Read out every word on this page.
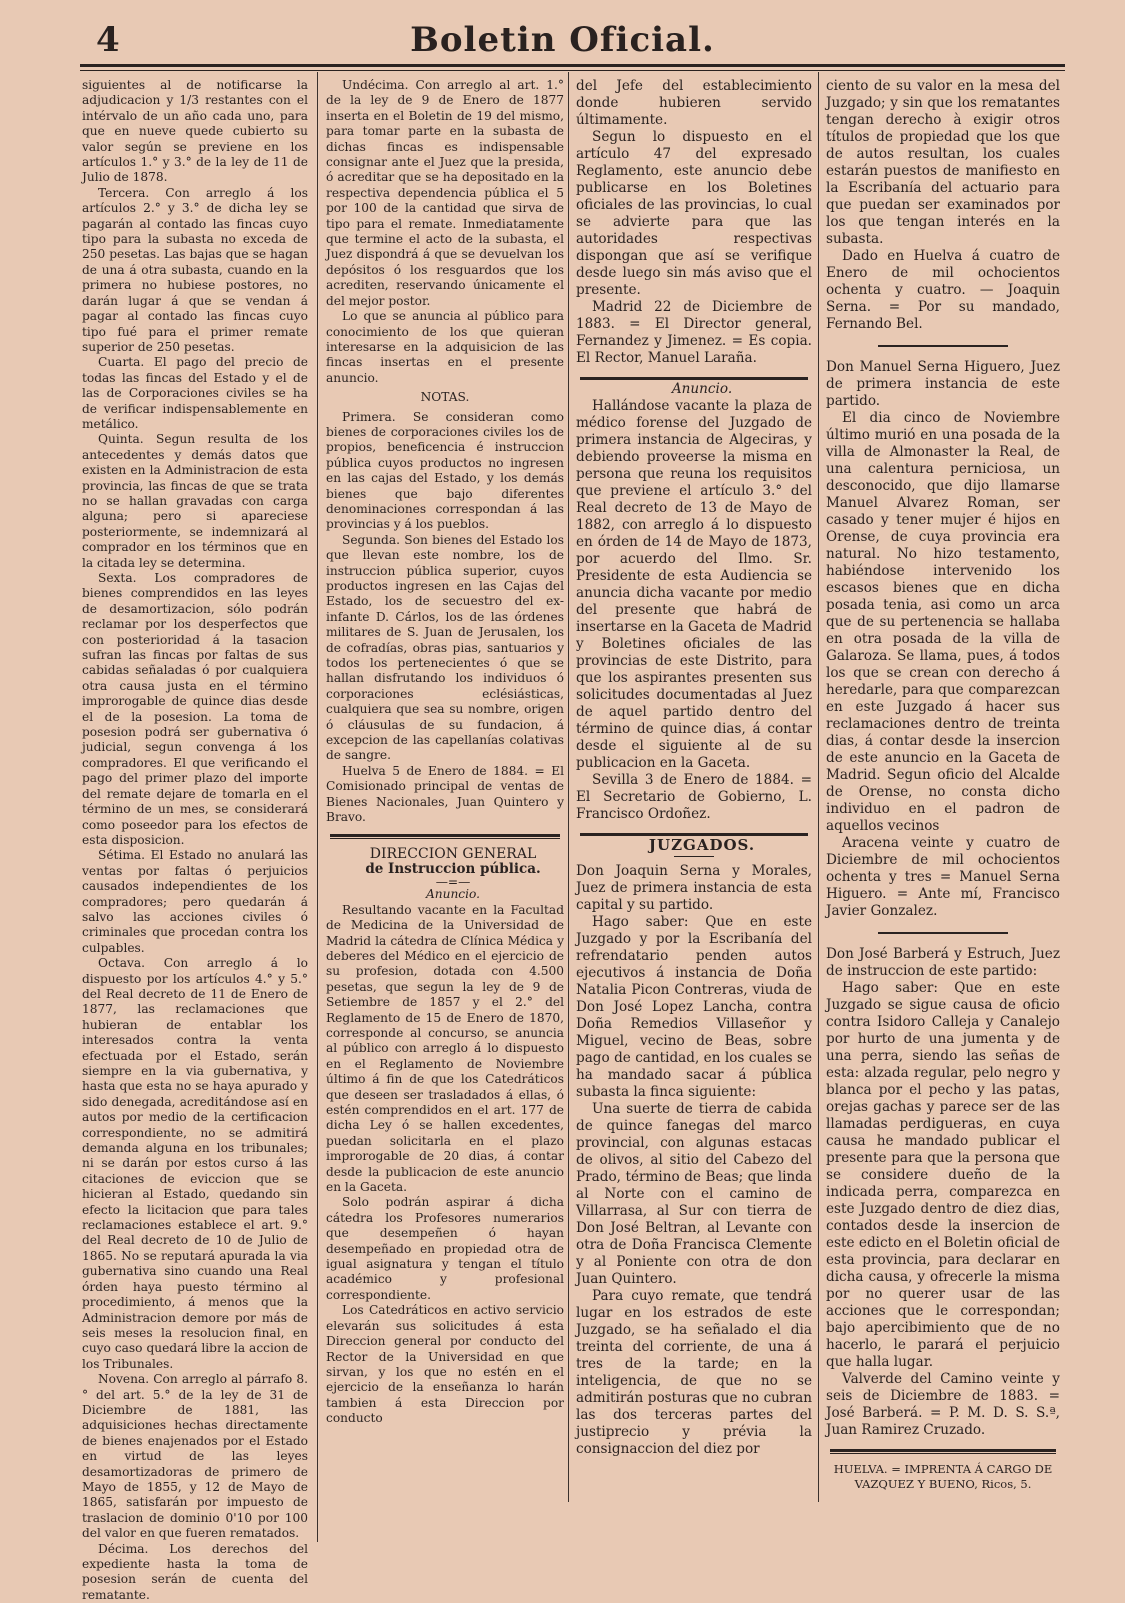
4	Boletin Oficial.

siguientes al de notificarse la adjudicacion y 1/3 restantes con el intérvalo de un año cada uno, para que en nueve quede cubierto su valor según se previene en los artículos 1.° y 3.° de la ley de 11 de Julio de 1878.

Tercera. Con arreglo á los artículos 2.° y 3.° de dicha ley se pagarán al contado las fincas cuyo tipo para la subasta no exceda de 250 pesetas. Las bajas que se hagan de una á otra subasta, cuando en la primera no hubiese postores, no darán lugar á que se vendan á pagar al contado las fincas cuyo tipo fué para el primer remate superior de 250 pesetas.

Cuarta. El pago del precio de todas las fincas del Estado y el de las de Corporaciones civiles se ha de verificar indispensablemente en metálico.

Quinta. Segun resulta de los antecedentes y demás datos que existen en la Administracion de esta provincia, las fincas de que se trata no se hallan gravadas con carga alguna; pero si apareciese posteriormente, se indemnizará al comprador en los términos que en la citada ley se determina.

Sexta. Los compradores de bienes comprendidos en las leyes de desamortizacion, sólo podrán reclamar por los desperfectos que con posterioridad á la tasacion sufran las fincas por faltas de sus cabidas señaladas ó por cualquiera otra causa justa en el término improrogable de quince dias desde el de la posesion. La toma de posesion podrá ser gubernativa ó judicial, segun convenga á los compradores. El que verificando el pago del primer plazo del importe del remate dejare de tomarla en el término de un mes, se considerará como poseedor para los efectos de esta disposicion.

Sétima. El Estado no anulará las ventas por faltas ó perjuicios causados independientes de los compradores; pero quedarán á salvo las acciones civiles ó criminales que procedan contra los culpables.

Octava. Con arreglo á lo dispuesto por los artículos 4.° y 5.° del Real decreto de 11 de Enero de 1877, las reclamaciones que hubieran de entablar los interesados contra la venta efectuada por el Estado, serán siempre en la via gubernativa, y hasta que esta no se haya apurado y sido denegada, acreditándose así en autos por medio de la certificacion correspondiente, no se admitirá demanda alguna en los tribunales; ni se darán por estos curso á las citaciones de eviccion que se hicieran al Estado, quedando sin efecto la licitacion que para tales reclamaciones establece el art. 9.° del Real decreto de 10 de Julio de 1865. No se reputará apurada la via gubernativa sino cuando una Real órden haya puesto término al procedimiento, á menos que la Administracion demore por más de seis meses la resolucion final, en cuyo caso quedará libre la accion de los Tribunales.

Novena. Con arreglo al párrafo 8.° del art. 5.° de la ley de 31 de Diciembre de 1881, las adquisiciones hechas directamente de bienes enajenados por el Estado en virtud de las leyes desamortizadoras de primero de Mayo de 1855, y 12 de Mayo de 1865, satisfarán por impuesto de traslacion de dominio 0'10 por 100 del valor en que fueren rematados.

Décima. Los derechos del expediente hasta la toma de posesion serán de cuenta del rematante.

Undécima. Con arreglo al art. 1.° de la ley de 9 de Enero de 1877 inserta en el Boletin de 19 del mismo, para tomar parte en la subasta de dichas fincas es indispensable consignar ante el Juez que la presida, ó acreditar que se ha depositado en la respectiva dependencia pública el 5 por 100 de la cantidad que sirva de tipo para el remate. Inmediatamente que termine el acto de la subasta, el Juez dispondrá á que se devuelvan los depósitos ó los resguardos que los acrediten, reservando únicamente el del mejor postor.

Lo que se anuncia al público para conocimiento de los que quieran interesarse en la adquisicion de las fincas insertas en el presente anuncio.

NOTAS.

Primera. Se consideran como bienes de corporaciones civiles los de propios, beneficencia é instruccion pública cuyos productos no ingresen en las cajas del Estado, y los demás bienes que bajo diferentes denominaciones correspondan á las provincias y á los pueblos.

Segunda. Son bienes del Estado los que llevan este nombre, los de instruccion pública superior, cuyos productos ingresen en las Cajas del Estado, los de secuestro del ex-infante D. Cárlos, los de las órdenes militares de S. Juan de Jerusalen, los de cofradías, obras pias, santuarios y todos los pertenecientes ó que se hallan disfrutando los individuos ó corporaciones eclésiásticas, cualquiera que sea su nombre, origen ó cláusulas de su fundacion, á excepcion de las capellanías colativas de sangre.

Huelva 5 de Enero de 1884. = El Comisionado principal de ventas de Bienes Nacionales, Juan Quintero y Bravo.

DIRECCION GENERAL

de Instruccion pública.

—=—

Anuncio.

Resultando vacante en la Facultad de Medicina de la Universidad de Madrid la cátedra de Clínica Médica y deberes del Médico en el ejercicio de su profesion, dotada con 4.500 pesetas, que segun la ley de 9 de Setiembre de 1857 y el 2.° del Reglamento de 15 de Enero de 1870, corresponde al concurso, se anuncia al público con arreglo á lo dispuesto en el Reglamento de Noviembre último á fin de que los Catedráticos que deseen ser trasladados á ellas, ó estén comprendidos en el art. 177 de dicha Ley ó se hallen excedentes, puedan solicitarla en el plazo improrogable de 20 dias, á contar desde la publicacion de este anuncio en la Gaceta.

Solo podrán aspirar á dicha cátedra los Profesores numerarios que desempeñen ó hayan desempeñado en propiedad otra de igual asignatura y tengan el título académico y profesional correspondiente.

Los Catedráticos en activo servicio elevarán sus solicitudes á esta Direccion general por conducto del Rector de la Universidad en que sirvan, y los que no estén en el ejercicio de la enseñanza lo harán tambien á esta Direccion por conducto

del Jefe del establecimiento donde hubieren servido últimamente.

Segun lo dispuesto en el artículo 47 del expresado Reglamento, este anuncio debe publicarse en los Boletines oficiales de las provincias, lo cual se advierte para que las autoridades respectivas dispongan que así se verifique desde luego sin más aviso que el presente.

Madrid 22 de Diciembre de 1883. = El Director general, Fernandez y Jimenez. = Es copia. El Rector, Manuel Laraña.

Anuncio.

Hallándose vacante la plaza de médico forense del Juzgado de primera instancia de Algeciras, y debiendo proveerse la misma en persona que reuna los requisitos que previene el artículo 3.° del Real decreto de 13 de Mayo de 1882, con arreglo á lo dispuesto en órden de 14 de Mayo de 1873, por acuerdo del Ilmo. Sr. Presidente de esta Audiencia se anuncia dicha vacante por medio del presente que habrá de insertarse en la Gaceta de Madrid y Boletines oficiales de las provincias de este Distrito, para que los aspirantes presenten sus solicitudes documentadas al Juez de aquel partido dentro del término de quince dias, á contar desde el siguiente al de su publicacion en la Gaceta.

Sevilla 3 de Enero de 1884. = El Secretario de Gobierno, L. Francisco Ordoñez.

JUZGADOS.

Don Joaquin Serna y Morales, Juez de primera instancia de esta capital y su partido.

Hago saber: Que en este Juzgado y por la Escribanía del refrendatario penden autos ejecutivos á instancia de Doña Natalia Picon Contreras, viuda de Don José Lopez Lancha, contra Doña Remedios Villaseñor y Miguel, vecino de Beas, sobre pago de cantidad, en los cuales se ha mandado sacar á pública subasta la finca siguiente:

Una suerte de tierra de cabida de quince fanegas del marco provincial, con algunas estacas de olivos, al sitio del Cabezo del Prado, término de Beas; que linda al Norte con el camino de Villarrasa, al Sur con tierra de Don José Beltran, al Levante con otra de Doña Francisca Clemente y al Poniente con otra de don Juan Quintero.

Para cuyo remate, que tendrá lugar en los estrados de este Juzgado, se ha señalado el dia treinta del corriente, de una á tres de la tarde; en la inteligencia, de que no se admitirán posturas que no cubran las dos terceras partes del justiprecio y prévia la consignaccion del diez por

ciento de su valor en la mesa del Juzgado; y sin que los rematantes tengan derecho à exigir otros títulos de propiedad que los que de autos resultan, los cuales estarán puestos de manifiesto en la Escribanía del actuario para que puedan ser examinados por los que tengan interés en la subasta.

Dado en Huelva á cuatro de Enero de mil ochocientos ochenta y cuatro. — Joaquin Serna. = Por su mandado, Fernando Bel.

Don Manuel Serna Higuero, Juez de primera instancia de este partido.

El dia cinco de Noviembre último murió en una posada de la villa de Almonaster la Real, de una calentura perniciosa, un desconocido, que dijo llamarse Manuel Alvarez Roman, ser casado y tener mujer é hijos en Orense, de cuya provincia era natural. No hizo testamento, habiéndose intervenido los escasos bienes que en dicha posada tenia, asi como un arca que de su pertenencia se hallaba en otra posada de la villa de Galaroza. Se llama, pues, á todos los que se crean con derecho á heredarle, para que comparezcan en este Juzgado á hacer sus reclamaciones dentro de treinta dias, á contar desde la insercion de este anuncio en la Gaceta de Madrid. Segun oficio del Alcalde de Orense, no consta dicho individuo en el padron de aquellos vecinos

Aracena veinte y cuatro de Diciembre de mil ochocientos ochenta y tres = Manuel Serna Higuero. = Ante mí, Francisco Javier Gonzalez.

Don José Barberá y Estruch, Juez de instruccion de este partido:

Hago saber: Que en este Juzgado se sigue causa de oficio contra Isidoro Calleja y Canalejo por hurto de una jumenta y de una perra, siendo las señas de esta: alzada regular, pelo negro y blanca por el pecho y las patas, orejas gachas y parece ser de las llamadas perdigueras, en cuya causa he mandado publicar el presente para que la persona que se considere dueño de la indicada perra, comparezca en este Juzgado dentro de diez dias, contados desde la insercion de este edicto en el Boletin oficial de esta provincia, para declarar en dicha causa, y ofrecerle la misma por no querer usar de las acciones que le correspondan; bajo apercibimiento que de no hacerlo, le parará el perjuicio que halla lugar.

Valverde del Camino veinte y seis de Diciembre de 1883. = José Barberá. = P. M. D. S. S.ª, Juan Ramirez Cruzado.

HUELVA. = IMPRENTA Á CARGO DE VAZQUEZ Y BUENO, Ricos, 5.
